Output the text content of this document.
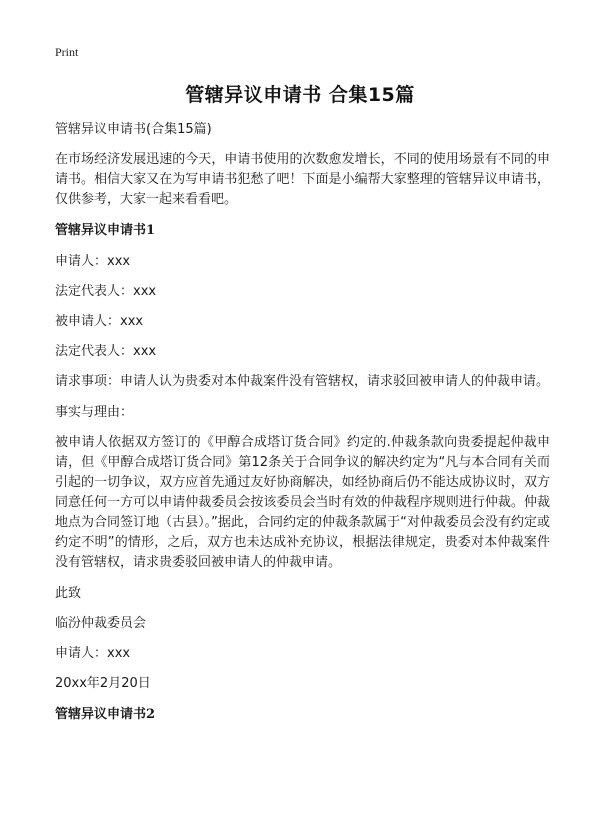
Print
管辖异议申请书 合集15篇
管辖异议申请书(合集15篇)
在市场经济发展迅速的今天，申请书使用的次数愈发增长，不同的使用场景有不同的申请书。相信大家又在为写申请书犯愁了吧！下面是小编帮大家整理的管辖异议申请书，仅供参考，大家一起来看看吧。
管辖异议申请书1
申请人：xxx
法定代表人：xxx
被申请人：xxx
法定代表人：xxx
请求事项：申请人认为贵委对本仲裁案件没有管辖权，请求驳回被申请人的仲裁申请。
事实与理由：
被申请人依据双方签订的《甲醇合成塔订货合同》约定的.仲裁条款向贵委提起仲裁申请，但《甲醇合成塔订货合同》第12条关于合同争议的解决约定为“凡与本合同有关而引起的一切争议，双方应首先通过友好协商解决，如经协商后仍不能达成协议时，双方同意任何一方可以申请仲裁委员会按该委员会当时有效的仲裁程序规则进行仲裁。仲裁地点为合同签订地（古县）。”据此，合同约定的仲裁条款属于“对仲裁委员会没有约定或约定不明”的情形，之后，双方也未达成补充协议，根据法律规定，贵委对本仲裁案件没有管辖权，请求贵委驳回被申请人的仲裁申请。
此致
临汾仲裁委员会
申请人：xxx
20xx年2月20日
管辖异议申请书2
